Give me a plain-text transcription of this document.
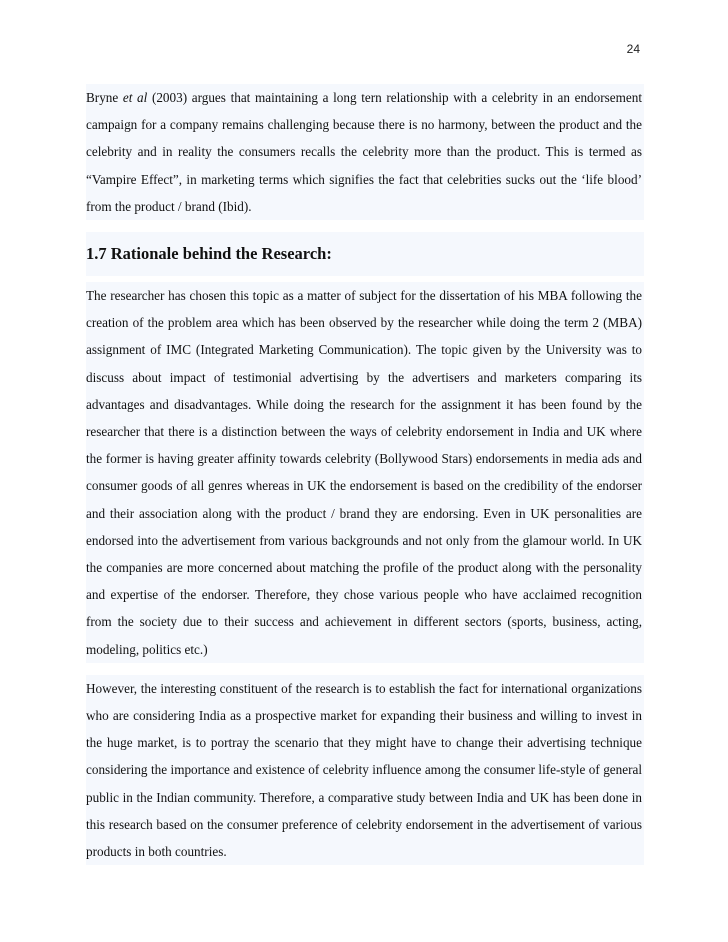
24

Bryne et al (2003) argues that maintaining a long tern relationship with a celebrity in an endorsement campaign for a company remains challenging because there is no harmony, between the product and the celebrity and in reality the consumers recalls the celebrity more than the product. This is termed as “Vampire Effect”, in marketing terms which signifies the fact that celebrities sucks out the ‘life blood’ from the product / brand (Ibid).

1.7 Rationale behind the Research:

The researcher has chosen this topic as a matter of subject for the dissertation of his MBA following the creation of the problem area which has been observed by the researcher while doing the term 2 (MBA) assignment of IMC (Integrated Marketing Communication). The topic given by the University was to discuss about impact of testimonial advertising by the advertisers and marketers comparing its advantages and disadvantages. While doing the research for the assignment it has been found by the researcher that there is a distinction between the ways of celebrity endorsement in India and UK where the former is having greater affinity towards celebrity (Bollywood Stars) endorsements in media ads and consumer goods of all genres whereas in UK the endorsement is based on the credibility of the endorser and their association along with the product / brand they are endorsing. Even in UK personalities are endorsed into the advertisement from various backgrounds and not only from the glamour world. In UK the companies are more concerned about matching the profile of the product along with the personality and expertise of the endorser. Therefore, they chose various people who have acclaimed recognition from the society due to their success and achievement in different sectors (sports, business, acting, modeling, politics etc.)

However, the interesting constituent of the research is to establish the fact for international organizations who are considering India as a prospective market for expanding their business and willing to invest in the huge market, is to portray the scenario that they might have to change their advertising technique considering the importance and existence of celebrity influence among the consumer life-style of general public in the Indian community. Therefore, a comparative study between India and UK has been done in this research based on the consumer preference of celebrity endorsement in the advertisement of various products in both countries.
